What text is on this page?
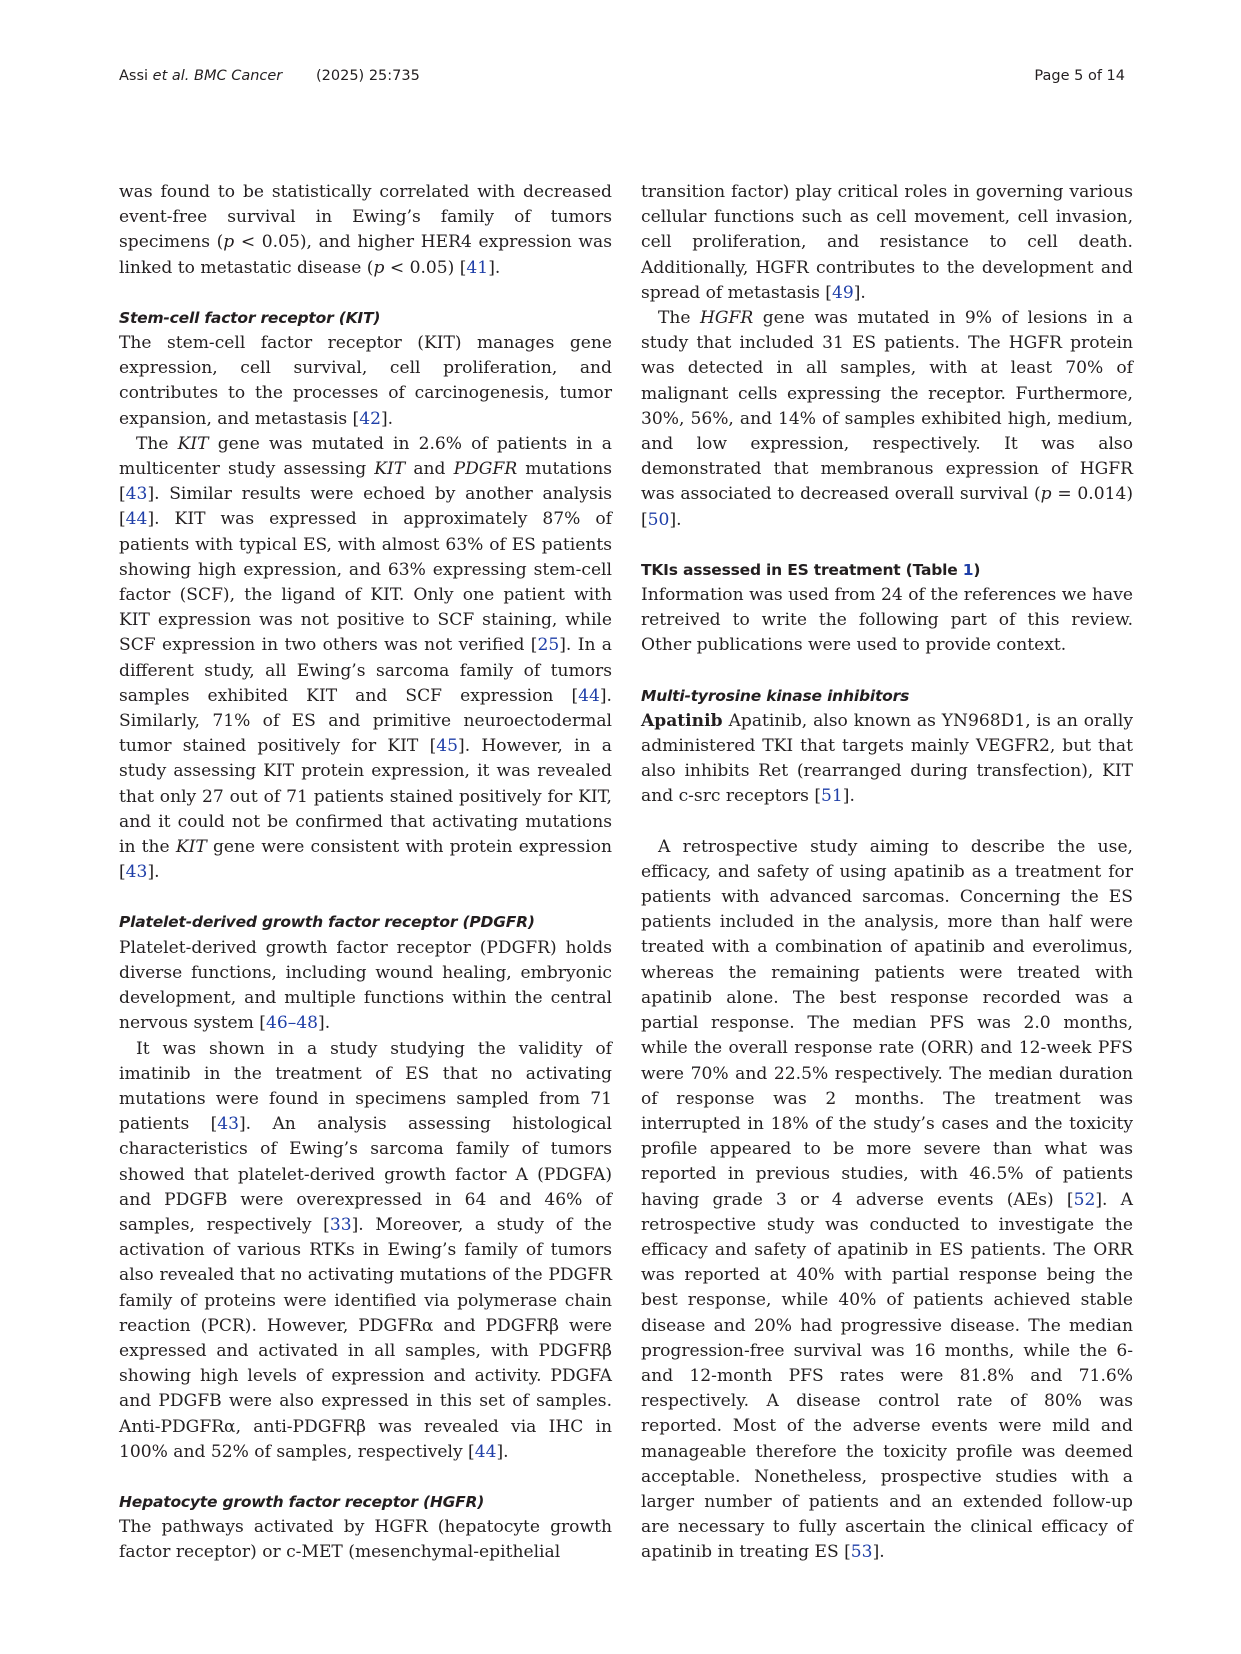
Assi et al. BMC Cancer (2025) 25:735	Page 5 of 14

was found to be statistically correlated with decreased event-free survival in Ewing’s family of tumors specimens (p < 0.05), and higher HER4 expression was linked to metastatic disease (p < 0.05) [41].

Stem-cell factor receptor (KIT)

The stem-cell factor receptor (KIT) manages gene expression, cell survival, cell proliferation, and contributes to the processes of carcinogenesis, tumor expansion, and metastasis [42].

The KIT gene was mutated in 2.6% of patients in a multicenter study assessing KIT and PDGFR mutations [43]. Similar results were echoed by another analysis [44]. KIT was expressed in approximately 87% of patients with typical ES, with almost 63% of ES patients showing high expression, and 63% expressing stem-cell factor (SCF), the ligand of KIT. Only one patient with KIT expression was not positive to SCF staining, while SCF expression in two others was not verified [25]. In a different study, all Ewing’s sarcoma family of tumors samples exhibited KIT and SCF expression [44]. Similarly, 71% of ES and primitive neuroectodermal tumor stained positively for KIT [45]. However, in a study assessing KIT protein expression, it was revealed that only 27 out of 71 patients stained positively for KIT, and it could not be confirmed that activating mutations in the KIT gene were consistent with protein expression [43].

Platelet-derived growth factor receptor (PDGFR)

Platelet-derived growth factor receptor (PDGFR) holds diverse functions, including wound healing, embryonic development, and multiple functions within the central nervous system [46–48].

It was shown in a study studying the validity of imatinib in the treatment of ES that no activating mutations were found in specimens sampled from 71 patients [43]. An analysis assessing histological characteristics of Ewing’s sarcoma family of tumors showed that platelet-derived growth factor A (PDGFA) and PDGFB were overexpressed in 64 and 46% of samples, respectively [33]. Moreover, a study of the activation of various RTKs in Ewing’s family of tumors also revealed that no activating mutations of the PDGFR family of proteins were identified via polymerase chain reaction (PCR). However, PDGFRα and PDGFRβ were expressed and activated in all samples, with PDGFRβ showing high levels of expression and activity. PDGFA and PDGFB were also expressed in this set of samples. Anti-PDGFRα, anti-PDGFRβ was revealed via IHC in 100% and 52% of samples, respectively [44].

Hepatocyte growth factor receptor (HGFR)

The pathways activated by HGFR (hepatocyte growth factor receptor) or c-MET (mesenchymal-epithelial

transition factor) play critical roles in governing various cellular functions such as cell movement, cell invasion, cell proliferation, and resistance to cell death. Additionally, HGFR contributes to the development and spread of metastasis [49].

The HGFR gene was mutated in 9% of lesions in a study that included 31 ES patients. The HGFR protein was detected in all samples, with at least 70% of malignant cells expressing the receptor. Furthermore, 30%, 56%, and 14% of samples exhibited high, medium, and low expression, respectively. It was also demonstrated that membranous expression of HGFR was associated to decreased overall survival (p = 0.014) [50].

TKIs assessed in ES treatment (Table 1)

Information was used from 24 of the references we have retreived to write the following part of this review. Other publications were used to provide context.

Multi-tyrosine kinase inhibitors

Apatinib Apatinib, also known as YN968D1, is an orally administered TKI that targets mainly VEGFR2, but that also inhibits Ret (rearranged during transfection), KIT and c-src receptors [51].

A retrospective study aiming to describe the use, efficacy, and safety of using apatinib as a treatment for patients with advanced sarcomas. Concerning the ES patients included in the analysis, more than half were treated with a combination of apatinib and everolimus, whereas the remaining patients were treated with apatinib alone. The best response recorded was a partial response. The median PFS was 2.0 months, while the overall response rate (ORR) and 12-week PFS were 70% and 22.5% respectively. The median duration of response was 2 months. The treatment was interrupted in 18% of the study’s cases and the toxicity profile appeared to be more severe than what was reported in previous studies, with 46.5% of patients having grade 3 or 4 adverse events (AEs) [52]. A retrospective study was conducted to investigate the efficacy and safety of apatinib in ES patients. The ORR was reported at 40% with partial response being the best response, while 40% of patients achieved stable disease and 20% had progressive disease. The median progression-free survival was 16 months, while the 6- and 12-month PFS rates were 81.8% and 71.6% respectively. A disease control rate of 80% was reported. Most of the adverse events were mild and manageable therefore the toxicity profile was deemed acceptable. Nonetheless, prospective studies with a larger number of patients and an extended follow-up are necessary to fully ascertain the clinical efficacy of apatinib in treating ES [53].
